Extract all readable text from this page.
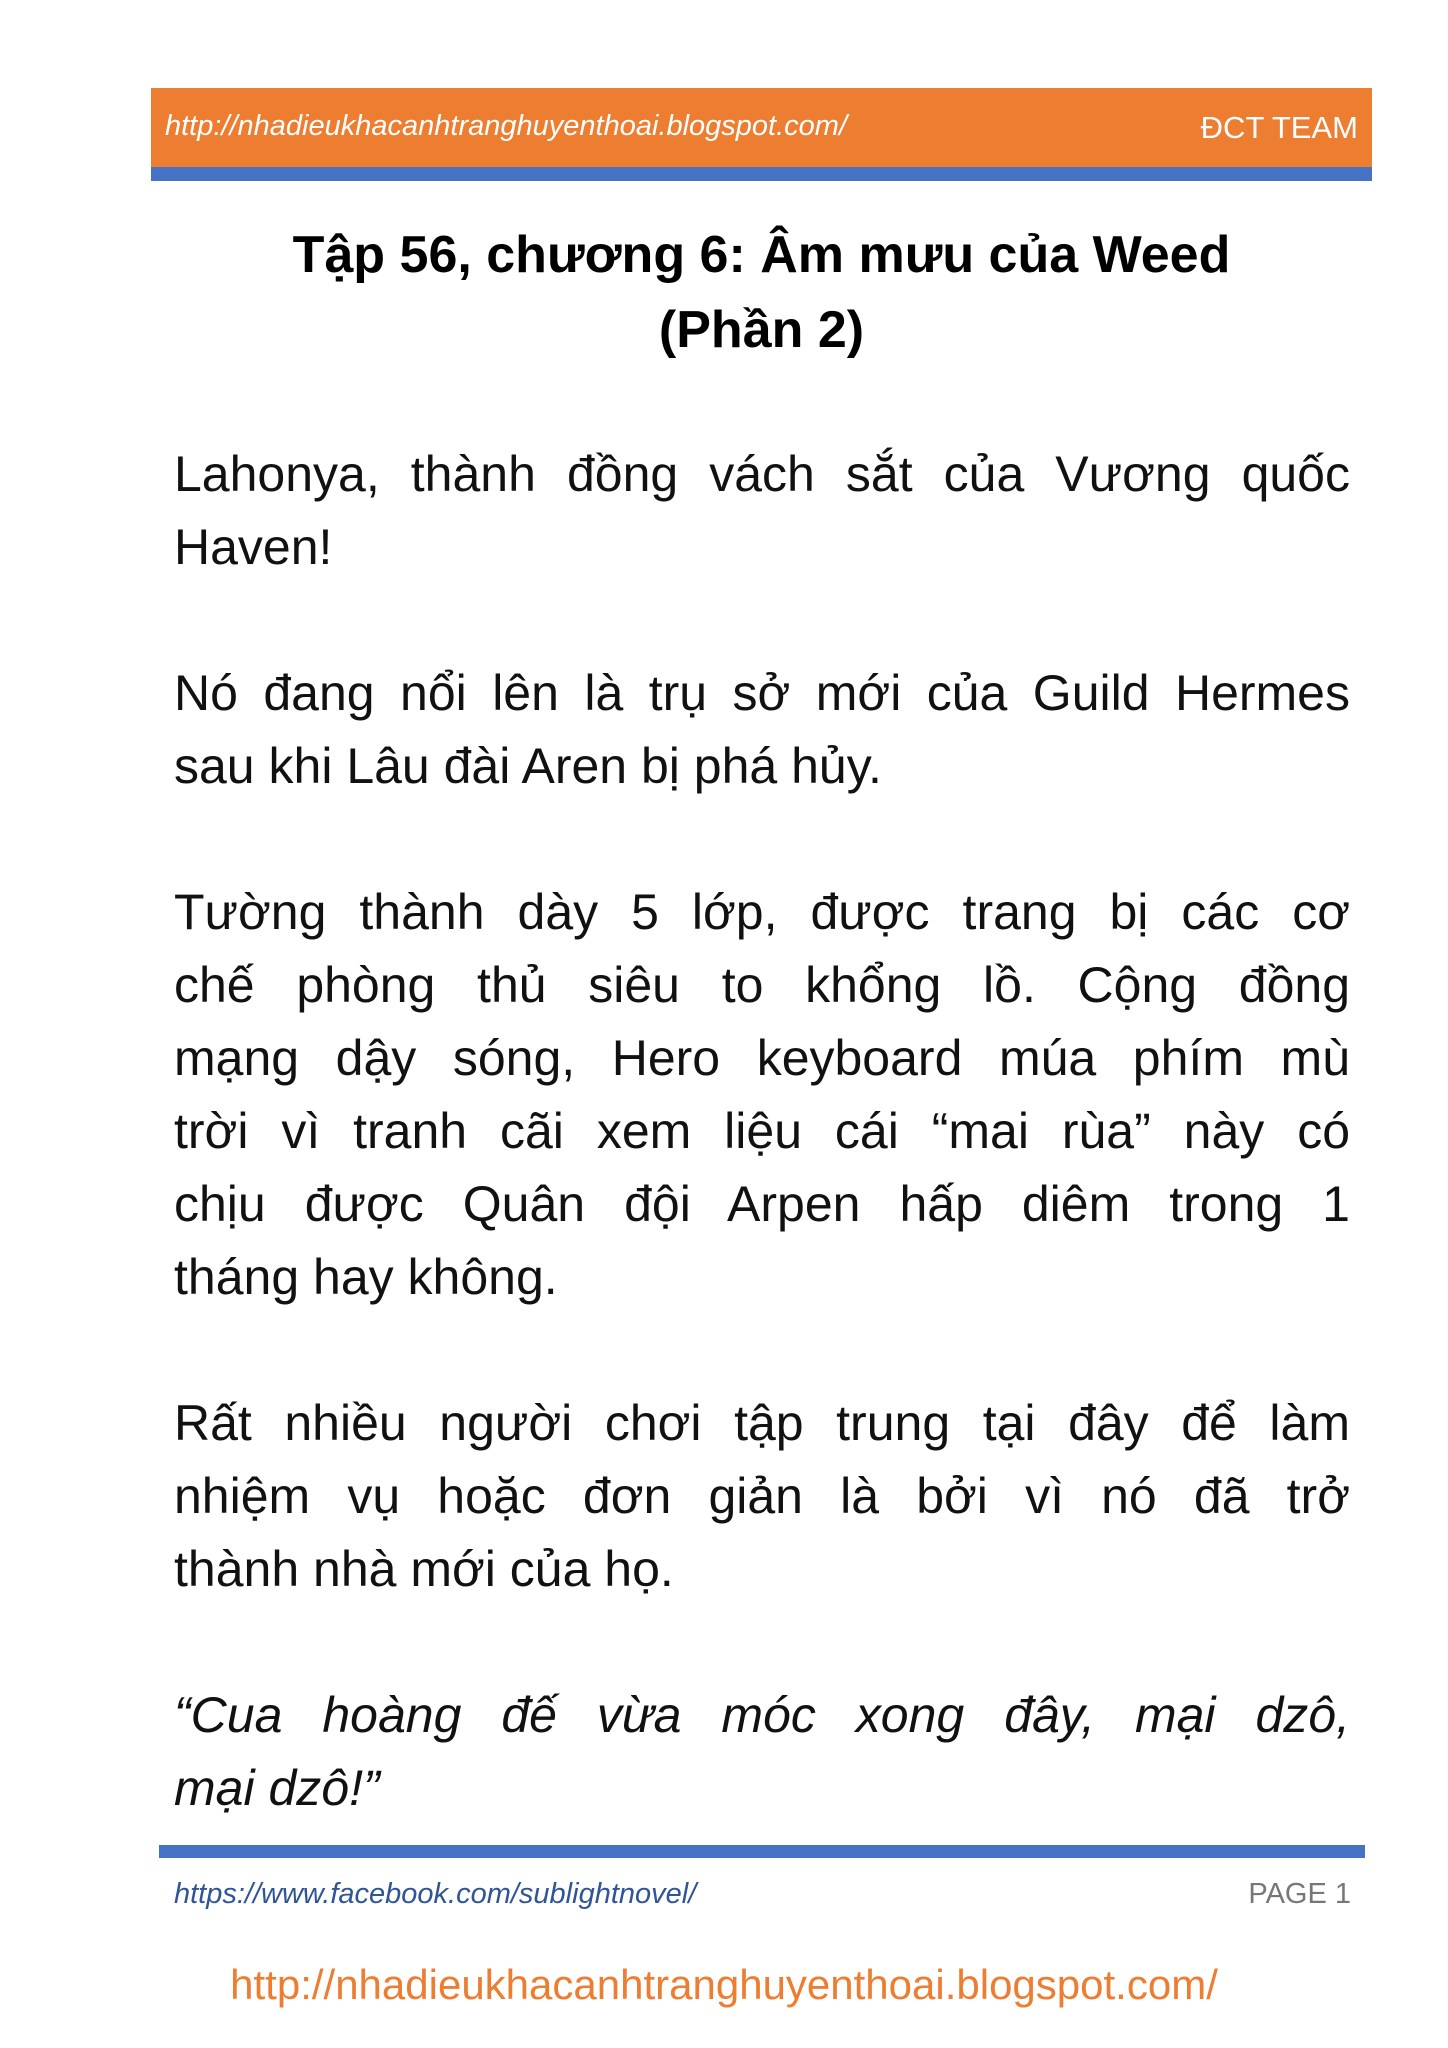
http://nhadieukhacanhtranghuyenthoai.blogspot.com/	ĐCT TEAM
Tập 56, chương 6: Âm mưu của Weed
(Phần 2)
Lahonya, thành đồng vách sắt của Vương quốc
Haven!
Nó đang nổi lên là trụ sở mới của Guild Hermes
sau khi Lâu đài Aren bị phá hủy.
Tường thành dày 5 lớp, được trang bị các cơ
chế phòng thủ siêu to khổng lồ. Cộng đồng
mạng dậy sóng, Hero keyboard múa phím mù
trời vì tranh cãi xem liệu cái “mai rùa” này có
chịu được Quân đội Arpen hấp diêm trong 1
tháng hay không.
Rất nhiều người chơi tập trung tại đây để làm
nhiệm vụ hoặc đơn giản là bởi vì nó đã trở
thành nhà mới của họ.
“Cua hoàng đế vừa móc xong đây, mại dzô,
mại dzô!”
https://www.facebook.com/sublightnovel/	PAGE 1
http://nhadieukhacanhtranghuyenthoai.blogspot.com/
